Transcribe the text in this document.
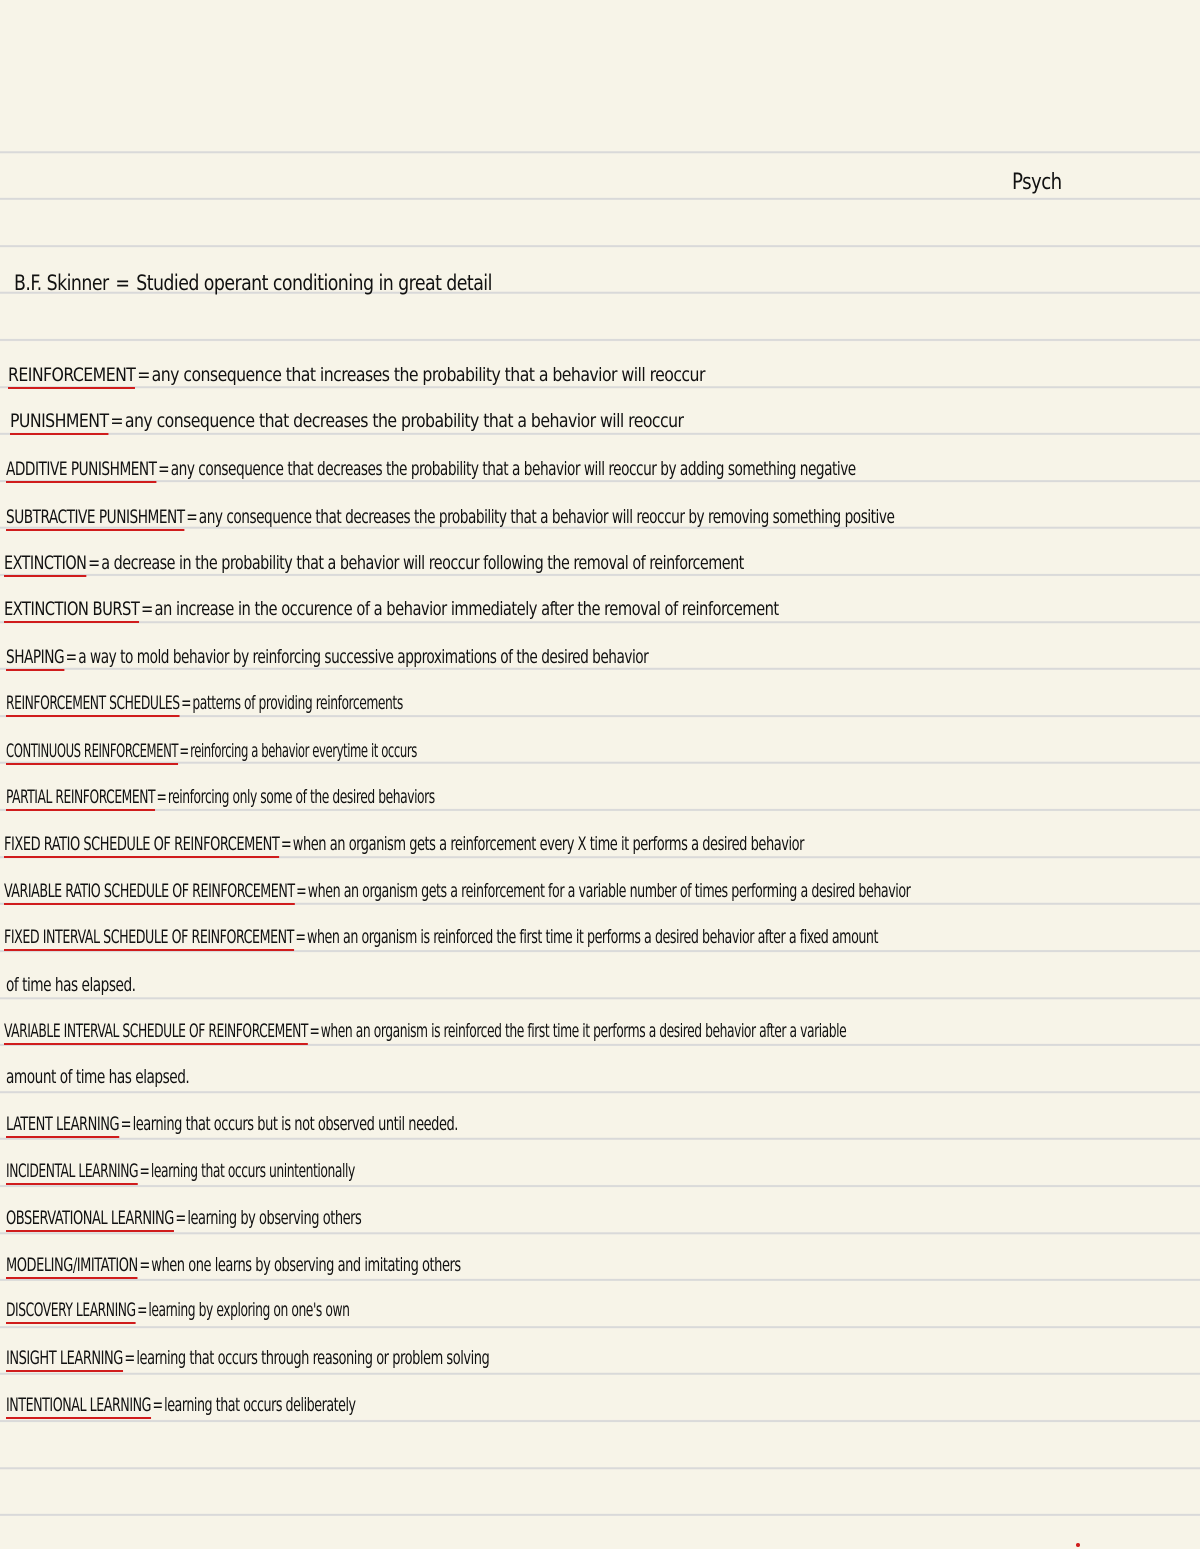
Psych
B.F. Skinner = Studied operant conditioning in great detail
REINFORCEMENT=any consequence that increases the probability that a behavior will reoccur
PUNISHMENT=any consequence that decreases the probability that a behavior will reoccur
ADDITIVE PUNISHMENT=any consequence that decreases the probability that a behavior will reoccur by adding something negative
SUBTRACTIVE PUNISHMENT=any consequence that decreases the probability that a behavior will reoccur by removing something positive
EXTINCTION=a decrease in the probability that a behavior will reoccur following the removal of reinforcement
EXTINCTION BURST=an increase in the occurence of a behavior immediately after the removal of reinforcement
SHAPING=a way to mold behavior by reinforcing successive approximations of the desired behavior
REINFORCEMENT SCHEDULES=patterns of providing reinforcements
CONTINUOUS REINFORCEMENT=reinforcing a behavior everytime it occurs
PARTIAL REINFORCEMENT=reinforcing only some of the desired behaviors
FIXED RATIO SCHEDULE OF REINFORCEMENT=when an organism gets a reinforcement every X time it performs a desired behavior
VARIABLE RATIO SCHEDULE OF REINFORCEMENT=when an organism gets a reinforcement for a variable number of times performing a desired behavior
FIXED INTERVAL SCHEDULE OF REINFORCEMENT=when an organism is reinforced the first time it performs a desired behavior after a fixed amount
of time has elapsed.
VARIABLE INTERVAL SCHEDULE OF REINFORCEMENT=when an organism is reinforced the first time it performs a desired behavior after a variable
amount of time has elapsed.
LATENT LEARNING=learning that occurs but is not observed until needed.
INCIDENTAL LEARNING=learning that occurs unintentionally
OBSERVATIONAL LEARNING=learning by observing others
MODELING/IMITATION=when one learns by observing and imitating others
DISCOVERY LEARNING=learning by exploring on one's own
INSIGHT LEARNING=learning that occurs through reasoning or problem solving
INTENTIONAL LEARNING=learning that occurs deliberately
